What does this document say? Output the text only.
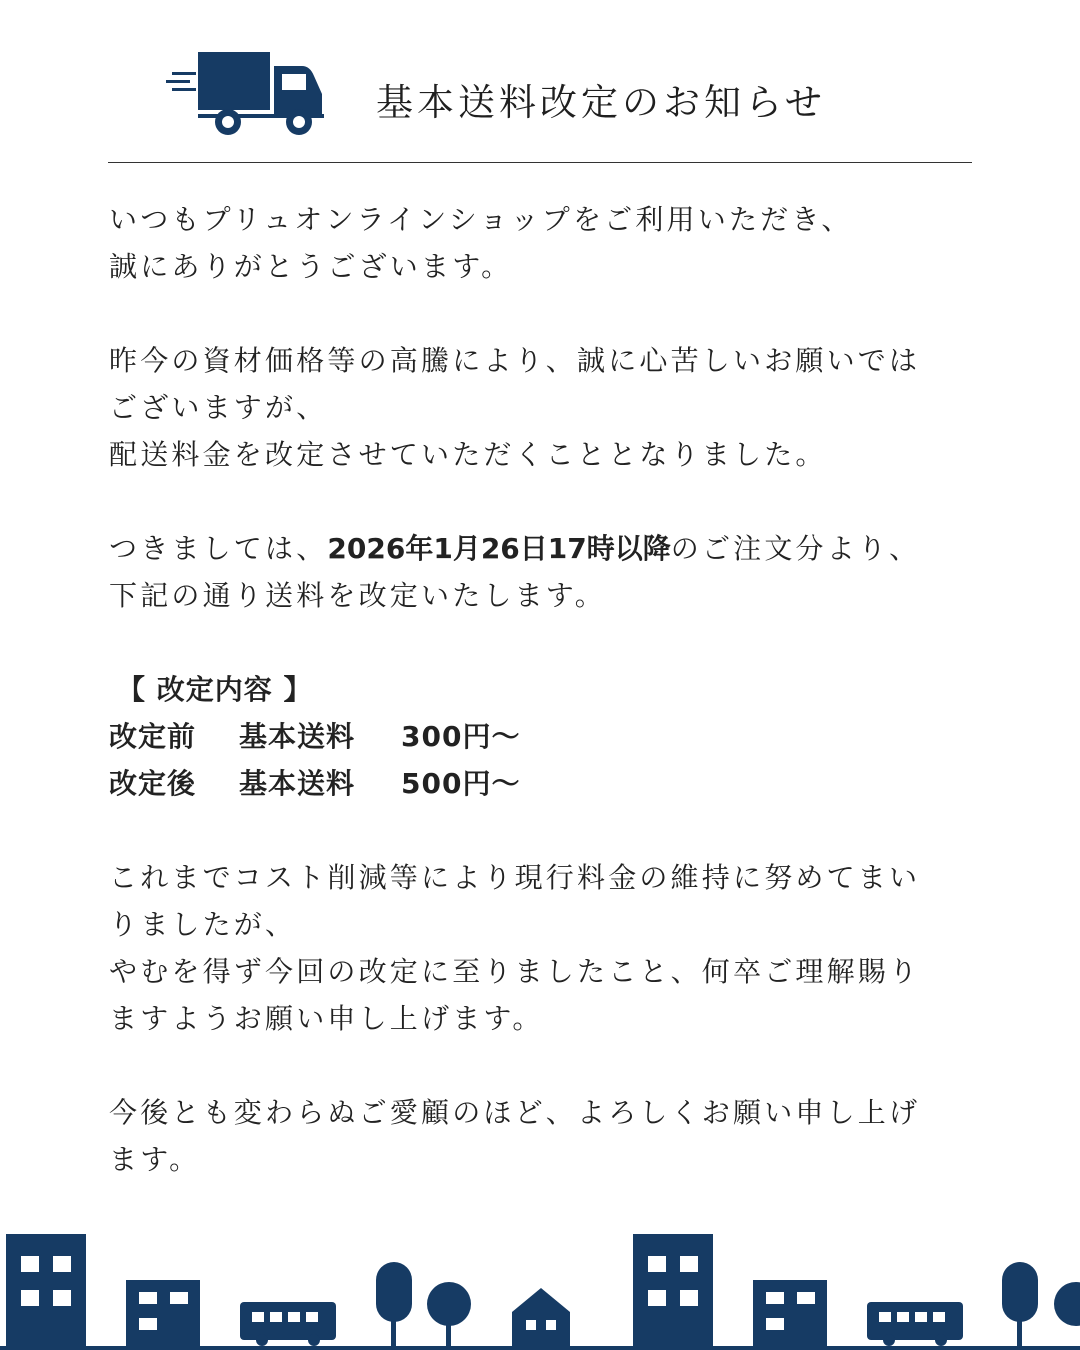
基本送料改定のお知らせ

いつもプリュオンラインショップをご利用いただき、

誠にありがとうございます。

昨今の資材価格等の高騰により、誠に心苦しいお願いでは

ございますが、

配送料金を改定させていただくこととなりました。

つきましては、2026年1月26日17時以降のご注文分より、

下記の通り送料を改定いたします。

【 改定内容 】

改定前 基本送料 300円〜

改定後 基本送料 500円〜

これまでコスト削減等により現行料金の維持に努めてまい

りましたが、

やむを得ず今回の改定に至りましたこと、何卒ご理解賜り

ますようお願い申し上げます。

今後とも変わらぬご愛顧のほど、よろしくお願い申し上げ

ます。
